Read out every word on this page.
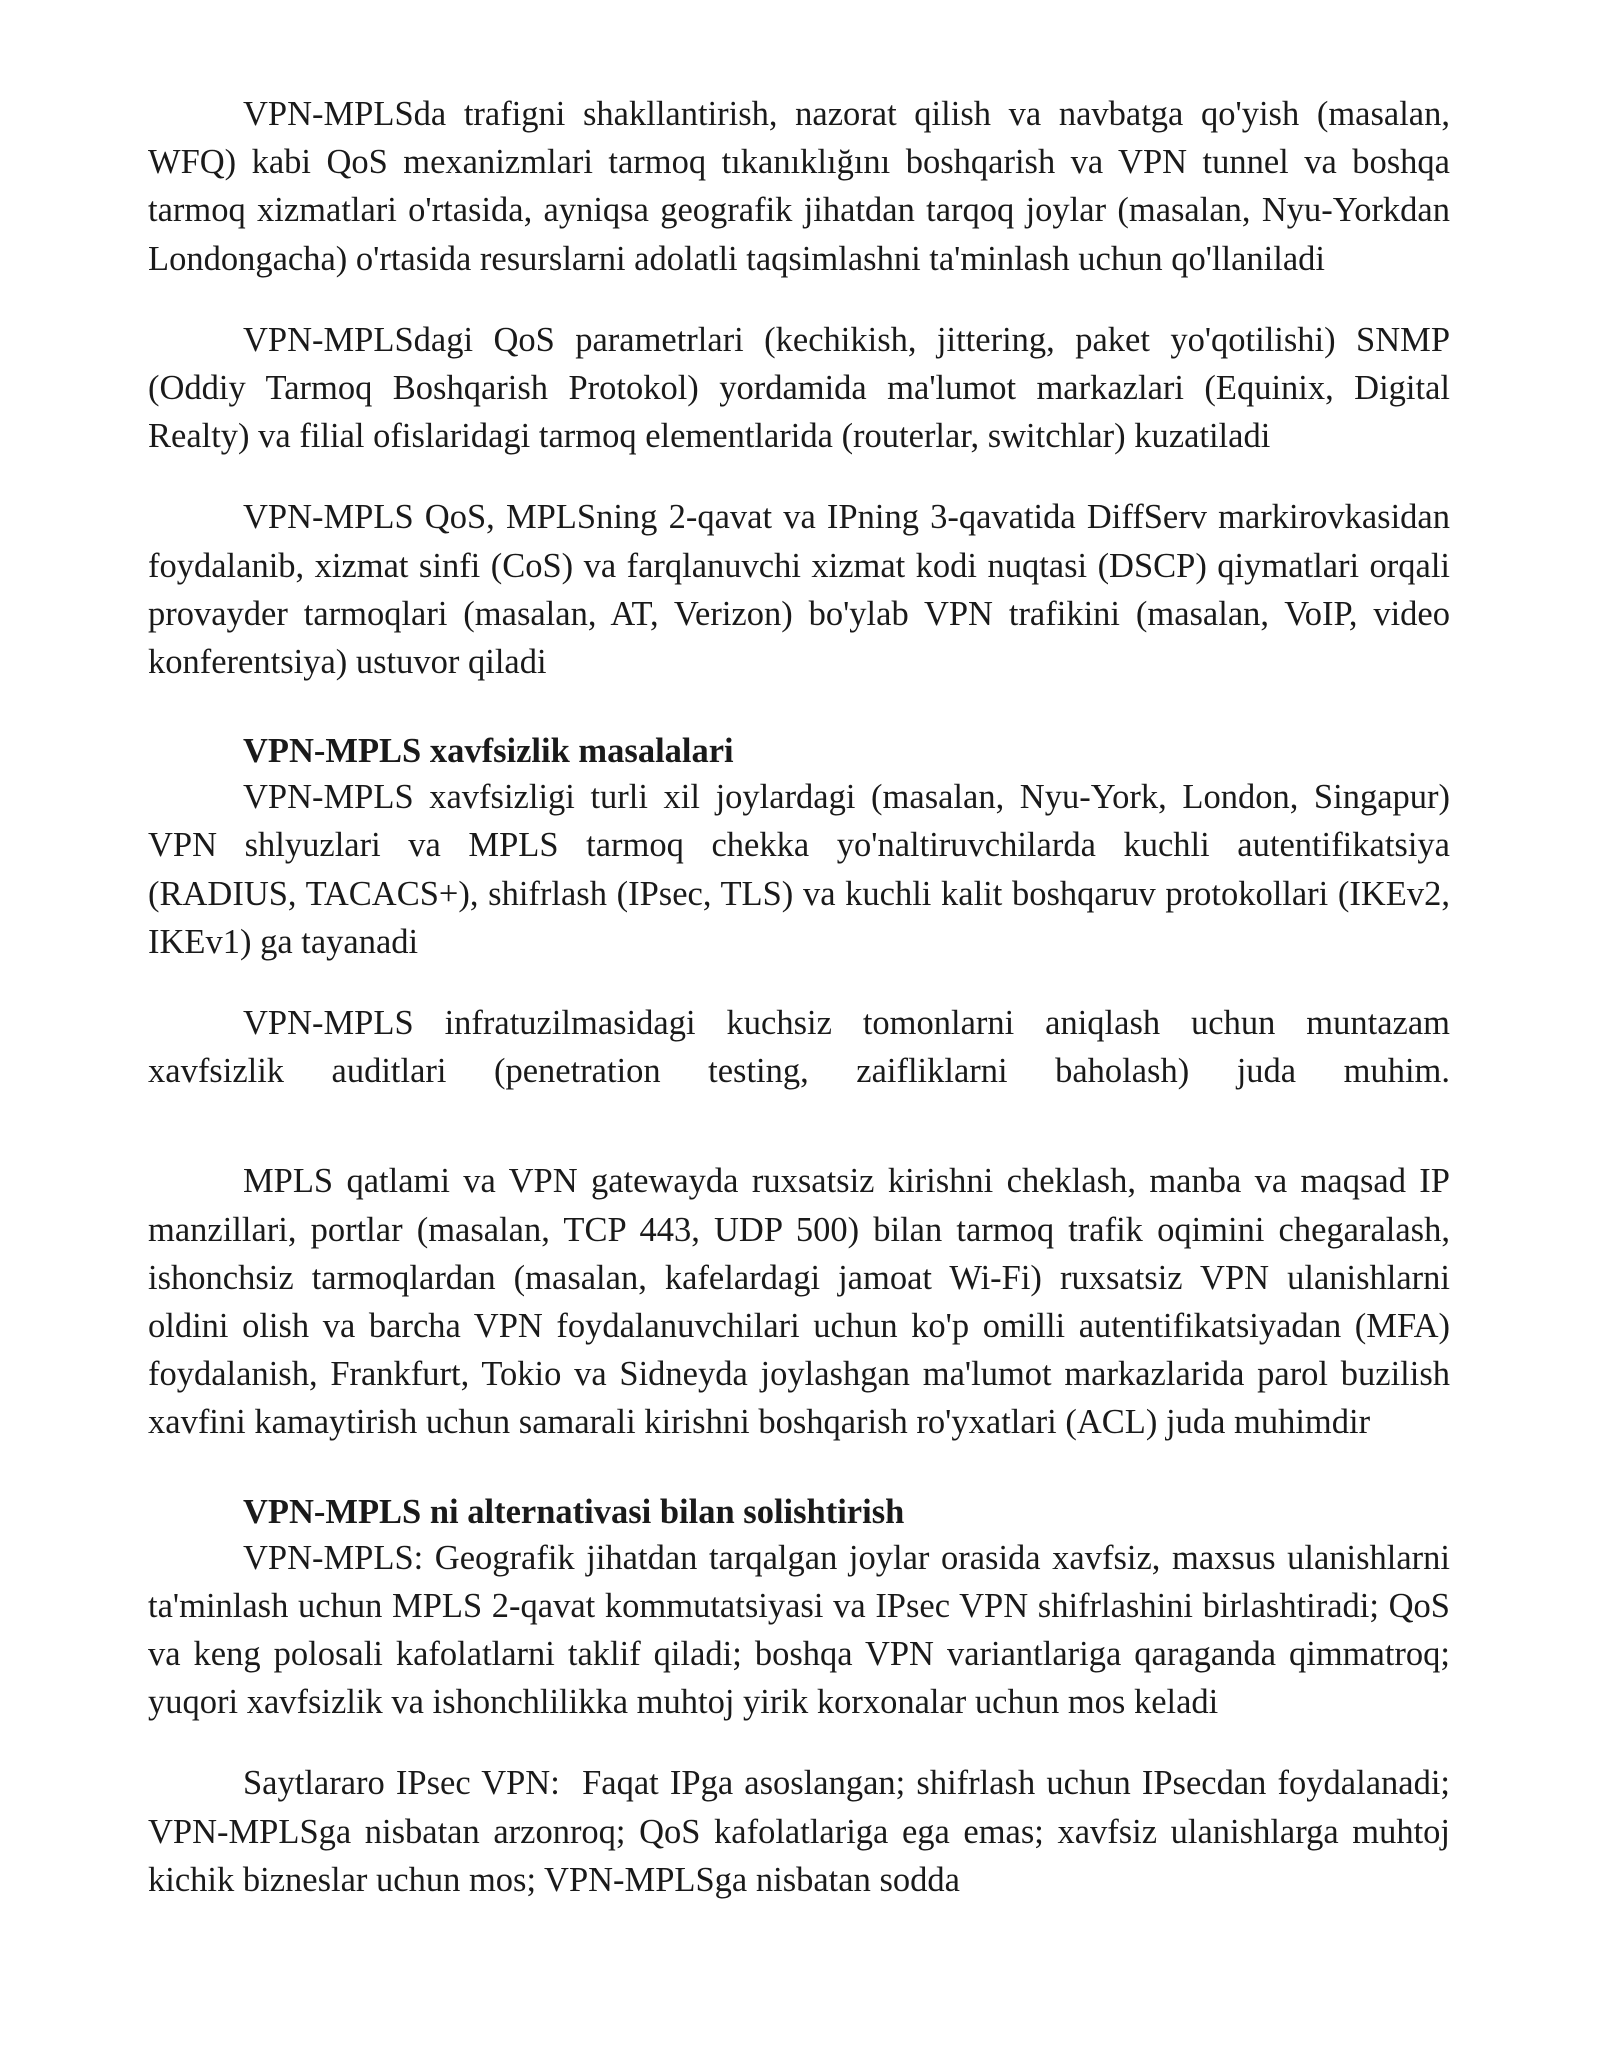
VPN-MPLSda trafigni shakllantirish, nazorat qilish va navbatga qo'yish (masalan, WFQ) kabi QoS mexanizmlari tarmoq tıkanıklığını boshqarish va VPN tunnel va boshqa tarmoq xizmatlari o'rtasida, ayniqsa geografik jihatdan tarqoq joylar (masalan, Nyu-Yorkdan Londongacha) o'rtasida resurslarni adolatli taqsimlashni ta'minlash uchun qo'llaniladi

VPN-MPLSdagi QoS parametrlari (kechikish, jittering, paket yo'qotilishi) SNMP (Oddiy Tarmoq Boshqarish Protokol) yordamida ma'lumot markazlari (Equinix, Digital Realty) va filial ofislaridagi tarmoq elementlarida (routerlar, switchlar) kuzatiladi

VPN-MPLS QoS, MPLSning 2-qavat va IPning 3-qavatida DiffServ markirovkasidan foydalanib, xizmat sinfi (CoS) va farqlanuvchi xizmat kodi nuqtasi (DSCP) qiymatlari orqali provayder tarmoqlari (masalan, AT, Verizon) bo'ylab VPN trafikini (masalan, VoIP, video konferentsiya) ustuvor qiladi

VPN-MPLS xavfsizlik masalalari

VPN-MPLS xavfsizligi turli xil joylardagi (masalan, Nyu-York, London, Singapur) VPN shlyuzlari va MPLS tarmoq chekka yo'naltiruvchilarda kuchli autentifikatsiya (RADIUS, TACACS+), shifrlash (IPsec, TLS) va kuchli kalit boshqaruv protokollari (IKEv2, IKEv1) ga tayanadi

VPN-MPLS infratuzilmasidagi kuchsiz tomonlarni aniqlash uchun muntazam xavfsizlik auditlari (penetration testing, zaifliklarni baholash) juda muhim.

MPLS qatlami va VPN gatewayda ruxsatsiz kirishni cheklash, manba va maqsad IP manzillari, portlar (masalan, TCP 443, UDP 500) bilan tarmoq trafik oqimini chegaralash, ishonchsiz tarmoqlardan (masalan, kafelardagi jamoat Wi-Fi) ruxsatsiz VPN ulanishlarni oldini olish va barcha VPN foydalanuvchilari uchun ko'p omilli autentifikatsiyadan (MFA) foydalanish, Frankfurt, Tokio va Sidneyda joylashgan ma'lumot markazlarida parol buzilish xavfini kamaytirish uchun samarali kirishni boshqarish ro'yxatlari (ACL) juda muhimdir

VPN-MPLS ni alternativasi bilan solishtirish

VPN-MPLS: Geografik jihatdan tarqalgan joylar orasida xavfsiz, maxsus ulanishlarni ta'minlash uchun MPLS 2-qavat kommutatsiyasi va IPsec VPN shifrlashini birlashtiradi; QoS va keng polosali kafolatlarni taklif qiladi; boshqa VPN variantlariga qaraganda qimmatroq; yuqori xavfsizlik va ishonchlilikka muhtoj yirik korxonalar uchun mos keladi

Saytlararo IPsec VPN:  Faqat IPga asoslangan; shifrlash uchun IPsecdan foydalanadi; VPN-MPLSga nisbatan arzonroq; QoS kafolatlariga ega emas; xavfsiz ulanishlarga muhtoj kichik bizneslar uchun mos; VPN-MPLSga nisbatan sodda
